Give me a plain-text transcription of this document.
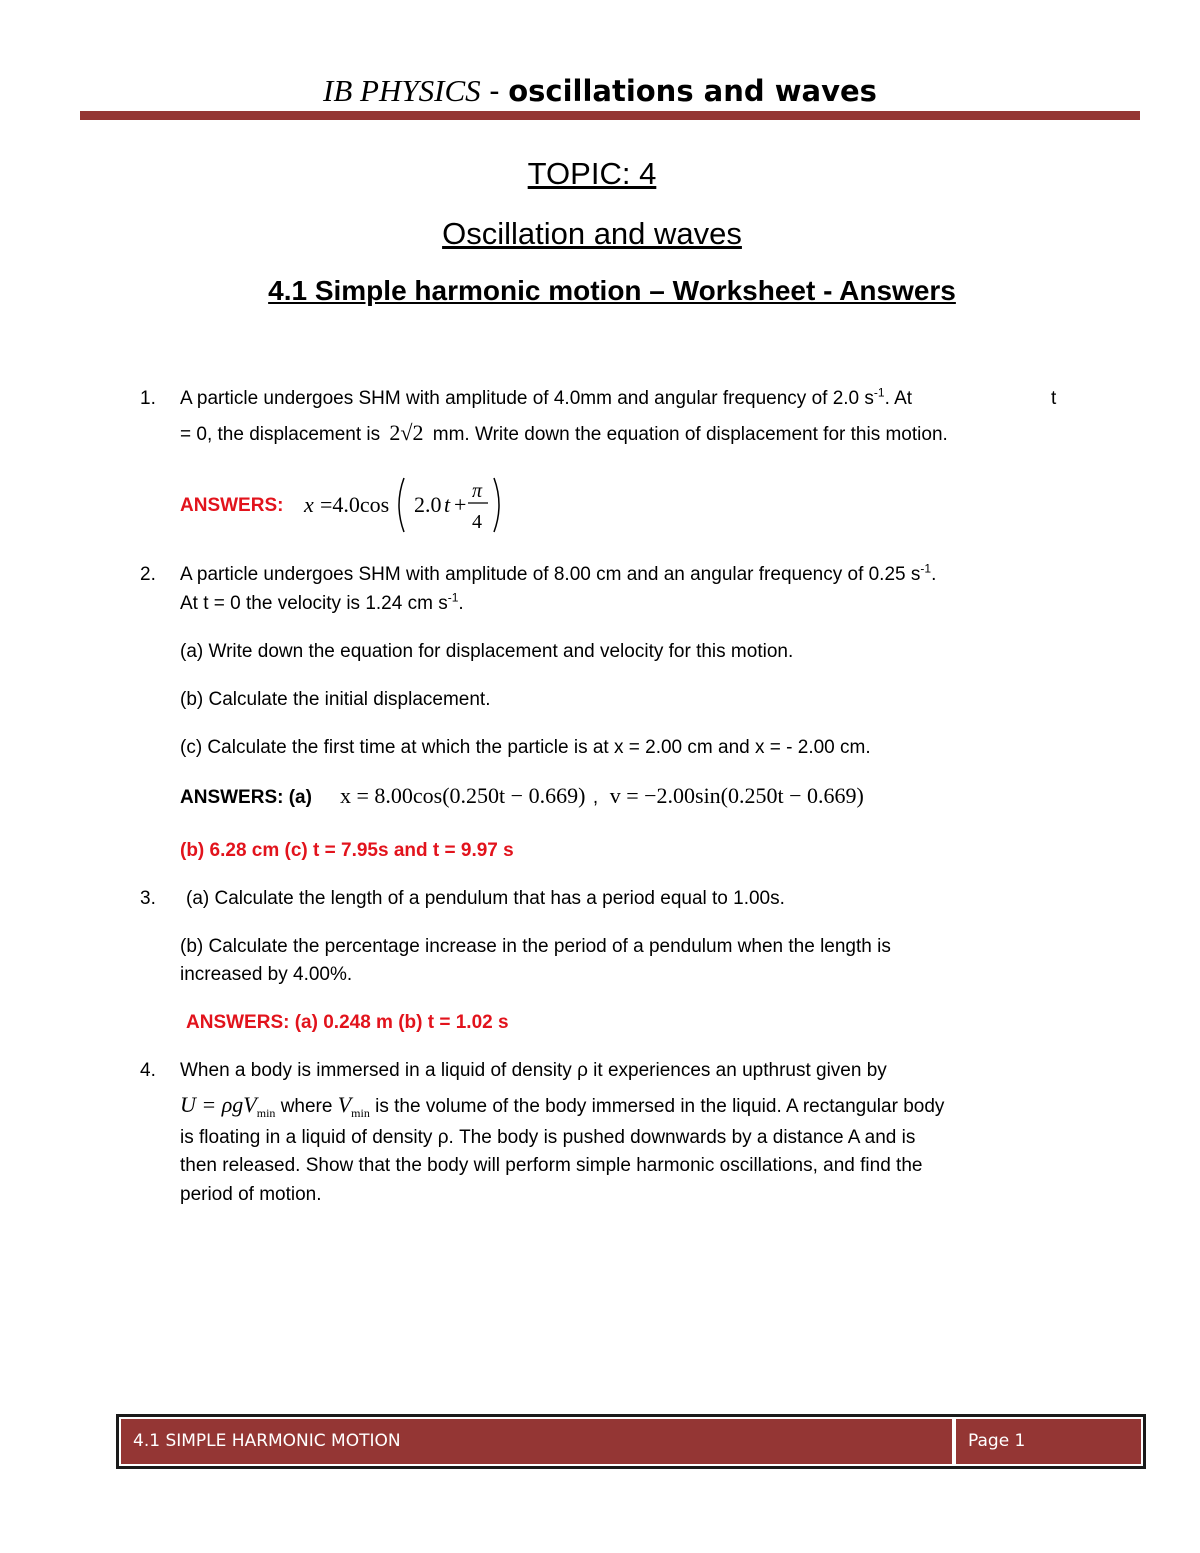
IB PHYSICS - oscillations and waves
TOPIC: 4
Oscillation and waves
4.1 Simple harmonic motion – Worksheet - Answers
1. A particle undergoes SHM with amplitude of 4.0mm and angular frequency of 2.0 $s^{-1}$. At	t
= 0, the displacement is 2√2 mm. Write down the equation of displacement for this motion.
ANSWERS: x =4.0cos 2.0 t +
π
4
2. A particle undergoes SHM with amplitude of 8.00 cm and an angular frequency of 0.25 $s^{-1}$.
At t = 0 the velocity is 1.24 cm $s^{-1}$.
(a) Write down the equation for displacement and velocity for this motion.
(b) Calculate the initial displacement.
(c) Calculate the first time at which the particle is at x = 2.00 cm and x = - 2.00 cm.
ANSWERS: (a) x = 8.00cos(0.250t − 0.669) , v = −2.00sin(0.250t − 0.669)
(b) 6.28 cm (c) t = 7.95s and t = 9.97 s
3. (a) Calculate the length of a pendulum that has a period equal to 1.00s.
(b) Calculate the percentage increase in the period of a pendulum when the length is
increased by 4.00%.
ANSWERS: (a) 0.248 m (b) t = 1.02 s
4. When a body is immersed in a liquid of density ρ it experiences an upthrust given by
U = ρgV$_{min}$ where $V_{min}$ is the volume of the body immersed in the liquid. A rectangular body
is floating in a liquid of density ρ. The body is pushed downwards by a distance A and is
then released. Show that the body will perform simple harmonic oscillations, and find the
period of motion.
4.1 SIMPLE HARMONIC MOTION	Page 1
